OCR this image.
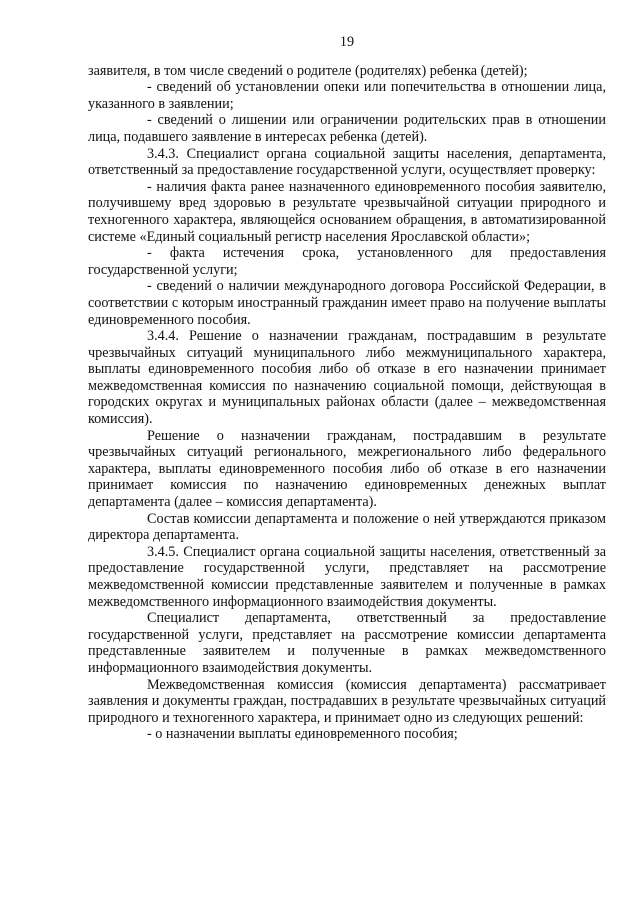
19

заявителя, в том числе сведений о родителе (родителях) ребенка (детей);

- сведений об установлении опеки или попечительства в отношении лица, указанного в заявлении;

- сведений о лишении или ограничении родительских прав в отношении лица, подавшего заявление в интересах ребенка (детей).

3.4.3. Специалист органа социальной защиты населения, департамента, ответственный за предоставление государственной услуги, осуществляет проверку:

- наличия факта ранее назначенного единовременного пособия заявителю, получившему вред здоровью в результате чрезвычайной ситуации природного и техногенного характера, являющейся основанием обращения, в автоматизированной системе «Единый социальный регистр населения Ярославской области»;

- факта истечения срока, установленного для предоставления государственной услуги;

- сведений о наличии международного договора Российской Федерации, в соответствии с которым иностранный гражданин имеет право на получение выплаты единовременного пособия.

3.4.4. Решение о назначении гражданам, пострадавшим в результате чрезвычайных ситуаций муниципального либо межмуниципального характера, выплаты единовременного пособия либо об отказе в его назначении принимает межведомственная комиссия по назначению социальной помощи, действующая в городских округах и муниципальных районах области (далее – межведомственная комиссия).

Решение о назначении гражданам, пострадавшим в результате чрезвычайных ситуаций регионального, межрегионального либо федерального характера, выплаты единовременного пособия либо об отказе в его назначении принимает комиссия по назначению единовременных денежных выплат департамента (далее – комиссия департамента).

Состав комиссии департамента и положение о ней утверждаются приказом директора департамента.

3.4.5. Специалист органа социальной защиты населения, ответственный за предоставление государственной услуги, представляет на рассмотрение межведомственной комиссии представленные заявителем и полученные в рамках межведомственного информационного взаимодействия документы.

Специалист департамента, ответственный за предоставление государственной услуги, представляет на рассмотрение комиссии департамента представленные заявителем и полученные в рамках межведомственного информационного взаимодействия документы.

Межведомственная комиссия (комиссия департамента) рассматривает заявления и документы граждан, пострадавших в результате чрезвычайных ситуаций природного и техногенного характера, и принимает одно из следующих решений:

- о назначении выплаты единовременного пособия;
